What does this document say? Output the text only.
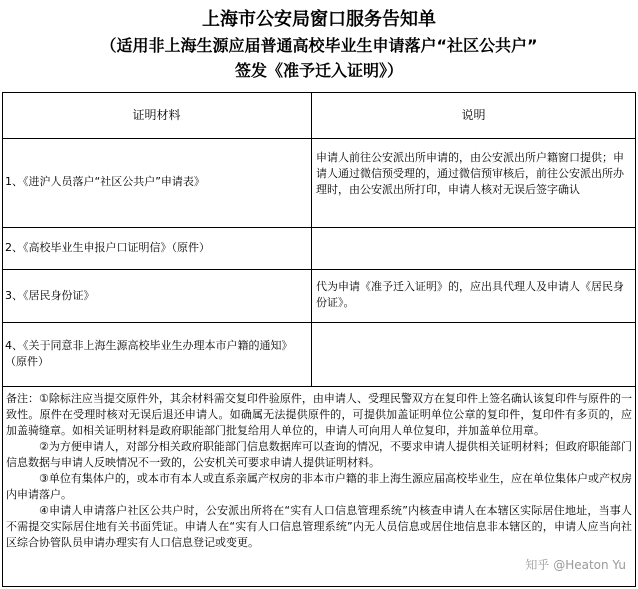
上海市公安局窗口服务告知单
（适用非上海生源应届普通高校毕业生申请落户“社区公共户”
签发《准予迁入证明》）
证明材料	说明
1、《进沪人员落户“社区公共户”申请表》
申请人前往公安派出所申请的，由公安派出所户籍窗口提供；申请人通过微信预受理的，通过微信预审核后，前往公安派出所办理时，由公安派出所打印，申请人核对无误后签字确认
2、《高校毕业生申报户口证明信》（原件）
3、《居民身份证》
代为申请《准予迁入证明》的，应出具代理人及申请人《居民身份证》。
4、《关于同意非上海生源高校毕业生办理本市户籍的通知》（原件）

备注：①除标注应当提交原件外，其余材料需交复印件验原件，由申请人、受理民警双方在复印件上签名确认该复印件与原件的一致性。原件在受理时核对无误后退还申请人。如确属无法提供原件的，可提供加盖证明单位公章的复印件，复印件有多页的，应加盖骑缝章。如相关证明材料是政府职能部门批复给用人单位的，申请人可向用人单位复印，并加盖单位用章。

②为方便申请人，对部分相关政府职能部门信息数据库可以查询的情况，不要求申请人提供相关证明材料；但政府职能部门信息数据与申请人反映情况不一致的，公安机关可要求申请人提供证明材料。

③单位有集体户的，或本市有本人或直系亲属产权房的非本市户籍的非上海生源应届高校毕业生，应在单位集体户或产权房内申请落户。

④申请人申请落户社区公共户时，公安派出所将在“实有人口信息管理系统”内核查申请人在本辖区实际居住地址，当事人不需提交实际居住地有关书面凭证。申请人在“实有人口信息管理系统”内无人员信息或居住地信息非本辖区的，申请人应当向社区综合协管队员申请办理实有人口信息登记或变更。

知乎 @Heaton Yu
